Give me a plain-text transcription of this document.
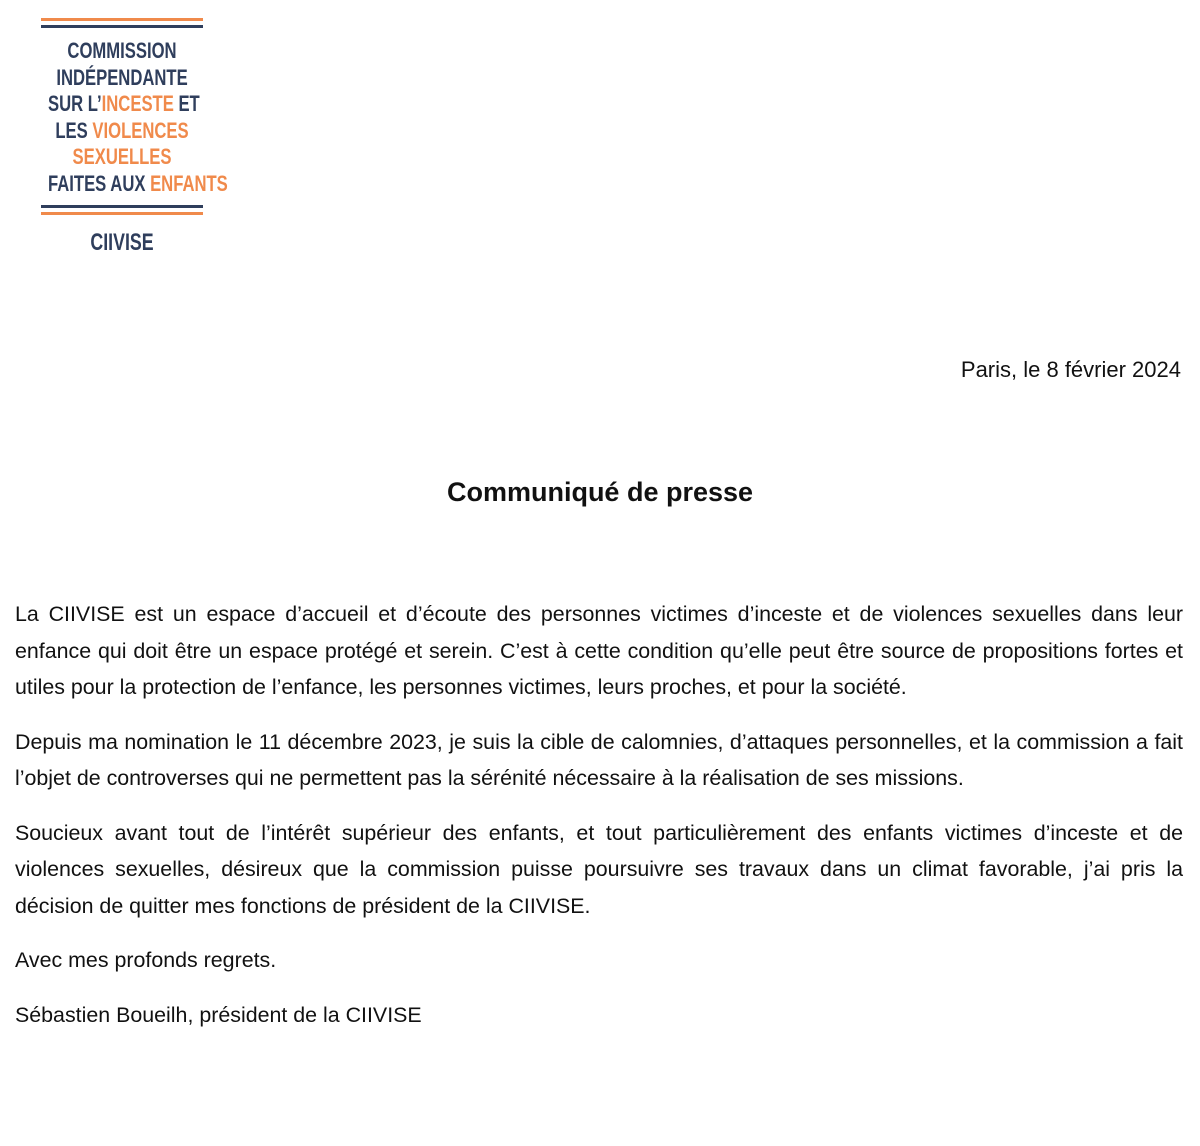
COMMISSION
INDÉPENDANTE
SUR L’INCESTE ET
LES VIOLENCES
SEXUELLES
FAITES AUX ENFANTS
CIIVISE
Paris, le 8 février 2024
Communiqué de presse

La CIIVISE est un espace d’accueil et d’écoute des personnes victimes d’inceste et de violences sexuelles dans leur enfance qui doit être un espace protégé et serein. C’est à cette condition qu’elle peut être source de propositions fortes et utiles pour la protection de l’enfance, les personnes victimes, leurs proches, et pour la société.

Depuis ma nomination le 11 décembre 2023, je suis la cible de calomnies, d’attaques personnelles, et la commission a fait l’objet de controverses qui ne permettent pas la sérénité nécessaire à la réalisation de ses missions.

Soucieux avant tout de l’intérêt supérieur des enfants, et tout particulièrement des enfants victimes d’inceste et de violences sexuelles, désireux que la commission puisse poursuivre ses travaux dans un climat favorable, j’ai pris la décision de quitter mes fonctions de président de la CIIVISE.

Avec mes profonds regrets.

Sébastien Boueilh, président de la CIIVISE
